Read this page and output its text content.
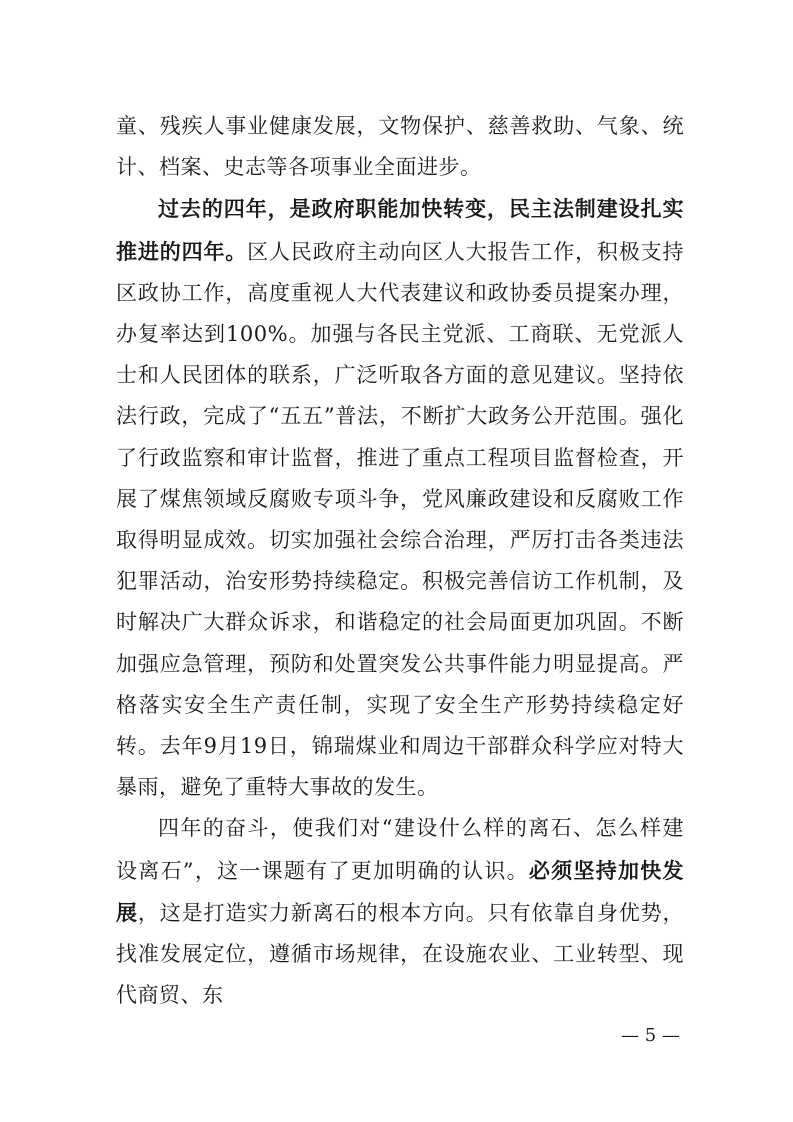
童、残疾人事业健康发展，文物保护、慈善救助、气象、统计、档案、史志等各项事业全面进步。

过去的四年，是政府职能加快转变，民主法制建设扎实推进的四年。区人民政府主动向区人大报告工作，积极支持区政协工作，高度重视人大代表建议和政协委员提案办理，办复率达到100%。加强与各民主党派、工商联、无党派人士和人民团体的联系，广泛听取各方面的意见建议。坚持依法行政，完成了“五五”普法，不断扩大政务公开范围。强化了行政监察和审计监督，推进了重点工程项目监督检查，开展了煤焦领域反腐败专项斗争，党风廉政建设和反腐败工作取得明显成效。切实加强社会综合治理，严厉打击各类违法犯罪活动，治安形势持续稳定。积极完善信访工作机制，及时解决广大群众诉求，和谐稳定的社会局面更加巩固。不断加强应急管理，预防和处置突发公共事件能力明显提高。严格落实安全生产责任制，实现了安全生产形势持续稳定好转。去年9月19日，锦瑞煤业和周边干部群众科学应对特大暴雨，避免了重特大事故的发生。

四年的奋斗，使我们对“建设什么样的离石、怎么样建设离石”，这一课题有了更加明确的认识。必须坚持加快发展，这是打造实力新离石的根本方向。只有依靠自身优势，找准发展定位，遵循市场规律，在设施农业、工业转型、现代商贸、东

— 5 —
